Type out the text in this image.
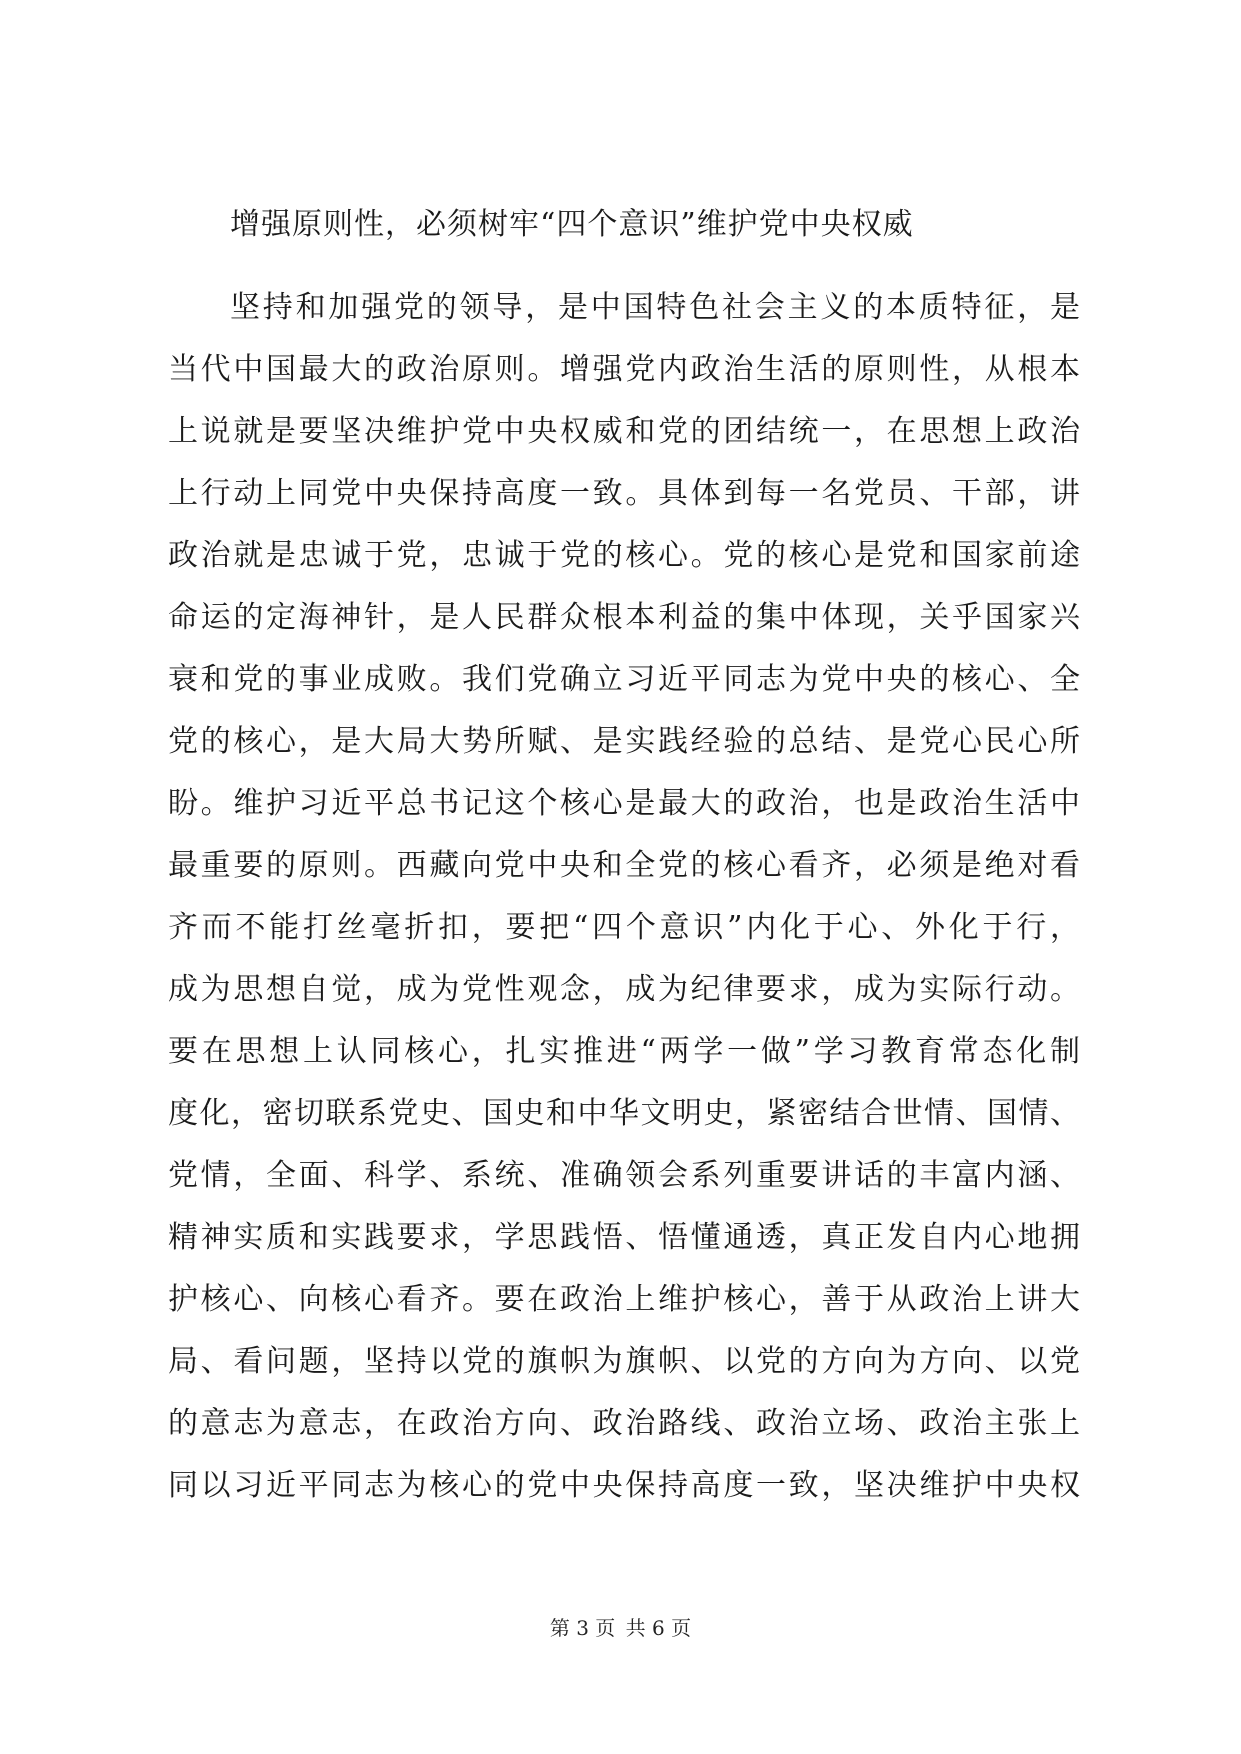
增强原则性，必须树牢“四个意识”维护党中央权威
坚持和加强党的领导，是中国特色社会主义的本质特征，是
当代中国最大的政治原则。增强党内政治生活的原则性，从根本
上说就是要坚决维护党中央权威和党的团结统一，在思想上政治
上行动上同党中央保持高度一致。具体到每一名党员、干部，讲
政治就是忠诚于党，忠诚于党的核心。党的核心是党和国家前途
命运的定海神针，是人民群众根本利益的集中体现，关乎国家兴
衰和党的事业成败。我们党确立习近平同志为党中央的核心、全
党的核心，是大局大势所赋、是实践经验的总结、是党心民心所
盼。维护习近平总书记这个核心是最大的政治，也是政治生活中
最重要的原则。西藏向党中央和全党的核心看齐，必须是绝对看
齐而不能打丝毫折扣，要把“四个意识”内化于心、外化于行，
成为思想自觉，成为党性观念，成为纪律要求，成为实际行动。
要在思想上认同核心，扎实推进“两学一做”学习教育常态化制
度化，密切联系党史、国史和中华文明史，紧密结合世情、国情、
党情，全面、科学、系统、准确领会系列重要讲话的丰富内涵、
精神实质和实践要求，学思践悟、悟懂通透，真正发自内心地拥
护核心、向核心看齐。要在政治上维护核心，善于从政治上讲大
局、看问题，坚持以党的旗帜为旗帜、以党的方向为方向、以党
的意志为意志，在政治方向、政治路线、政治立场、政治主张上
同以习近平同志为核心的党中央保持高度一致，坚决维护中央权
第 3 页 共 6 页
